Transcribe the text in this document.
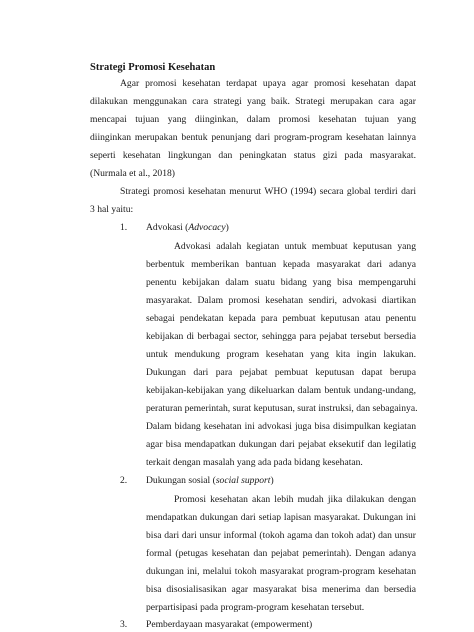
Strategi Promosi Kesehatan
Agar promosi kesehatan terdapat upaya agar promosi kesehatan dapat
dilakukan menggunakan cara strategi yang baik. Strategi merupakan cara agar
mencapai tujuan yang diinginkan, dalam promosi kesehatan tujuan yang
diinginkan merupakan bentuk penunjang dari program-program kesehatan lainnya
seperti kesehatan lingkungan dan peningkatan status gizi pada masyarakat.
(Nurmala et al., 2018)
Strategi promosi kesehatan menurut WHO (1994) secara global terdiri dari
3 hal yaitu:
1. Advokasi (Advocacy)
Advokasi adalah kegiatan untuk membuat keputusan yang
berbentuk memberikan bantuan kepada masyarakat dari adanya
penentu kebijakan dalam suatu bidang yang bisa mempengaruhi
masyarakat. Dalam promosi kesehatan sendiri, advokasi diartikan
sebagai pendekatan kepada para pembuat keputusan atau penentu
kebijakan di berbagai sector, sehingga para pejabat tersebut bersedia
untuk mendukung program kesehatan yang kita ingin lakukan.
Dukungan dari para pejabat pembuat keputusan dapat berupa
kebijakan-kebijakan yang dikeluarkan dalam bentuk undang-undang,
peraturan pemerintah, surat keputusan, surat instruksi, dan sebagainya.
Dalam bidang kesehatan ini advokasi juga bisa disimpulkan kegiatan
agar bisa mendapatkan dukungan dari pejabat eksekutif dan legilatig
terkait dengan masalah yang ada pada bidang kesehatan.
2. Dukungan sosial (social support)
Promosi kesehatan akan lebih mudah jika dilakukan dengan
mendapatkan dukungan dari setiap lapisan masyarakat. Dukungan ini
bisa dari dari unsur informal (tokoh agama dan tokoh adat) dan unsur
formal (petugas kesehatan dan pejabat pemerintah). Dengan adanya
dukungan ini, melalui tokoh masyarakat program-program kesehatan
bisa disosialisasikan agar masyarakat bisa menerima dan bersedia
perpartisipasi pada program-program kesehatan tersebut.
3. Pemberdayaan masyarakat (empowerment)
